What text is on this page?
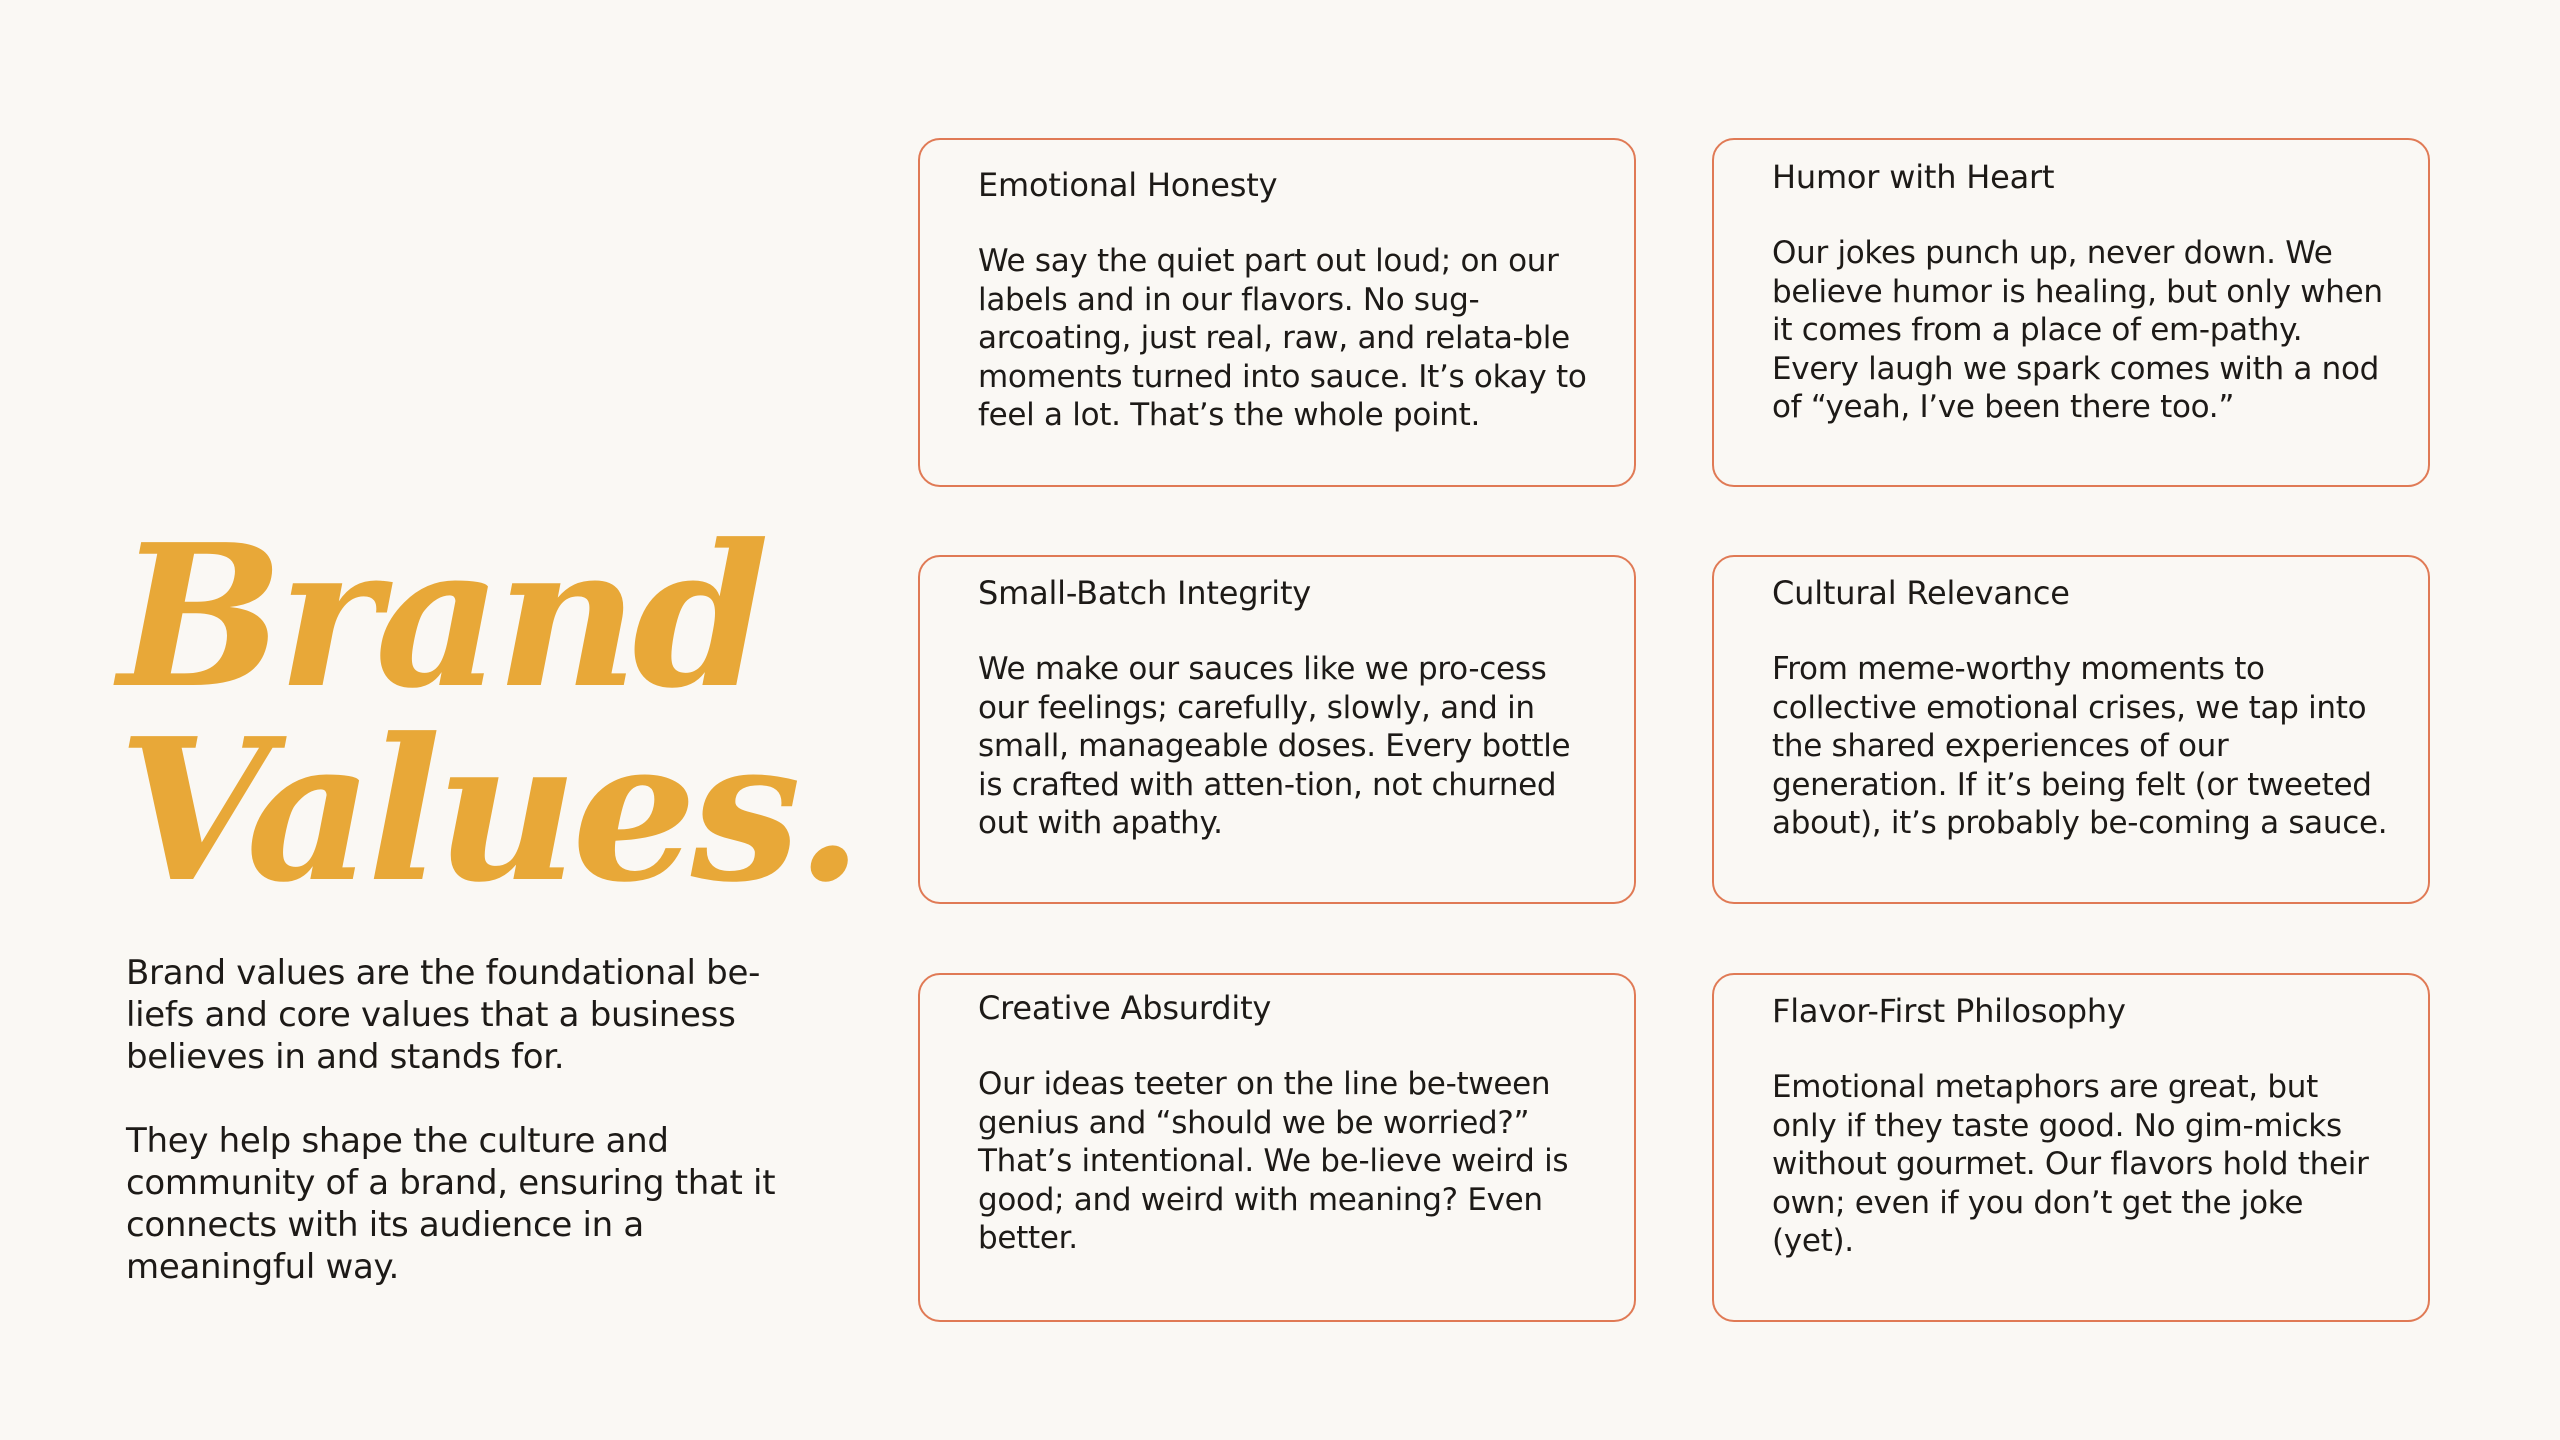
Brand
Values.

Brand values are the foundational be-liefs and core values that a business believes in and stands for.

They help shape the culture and community of a brand, ensuring that it connects with its audience in a meaningful way.

Emotional Honesty

We say the quiet part out loud; on our labels and in our flavors. No sug-arcoating, just real, raw, and relata-ble moments turned into sauce. It’s okay to feel a lot. That’s the whole point.

Humor with Heart

Our jokes punch up, never down. We believe humor is healing, but only when it comes from a place of em-pathy. Every laugh we spark comes with a nod of “yeah, I’ve been there too.”

Small-Batch Integrity

We make our sauces like we pro-cess our feelings; carefully, slowly, and in small, manageable doses. Every bottle is crafted with atten-tion, not churned out with apathy.

Cultural Relevance

From meme-worthy moments to collective emotional crises, we tap into the shared experiences of our generation. If it’s being felt (or tweeted about), it’s probably be-coming a sauce.

Creative Absurdity

Our ideas teeter on the line be-tween genius and “should we be worried?” That’s intentional. We be-lieve weird is good; and weird with meaning? Even better.

Flavor-First Philosophy

Emotional metaphors are great, but only if they taste good. No gim-micks without gourmet. Our flavors hold their own; even if you don’t get the joke (yet).
